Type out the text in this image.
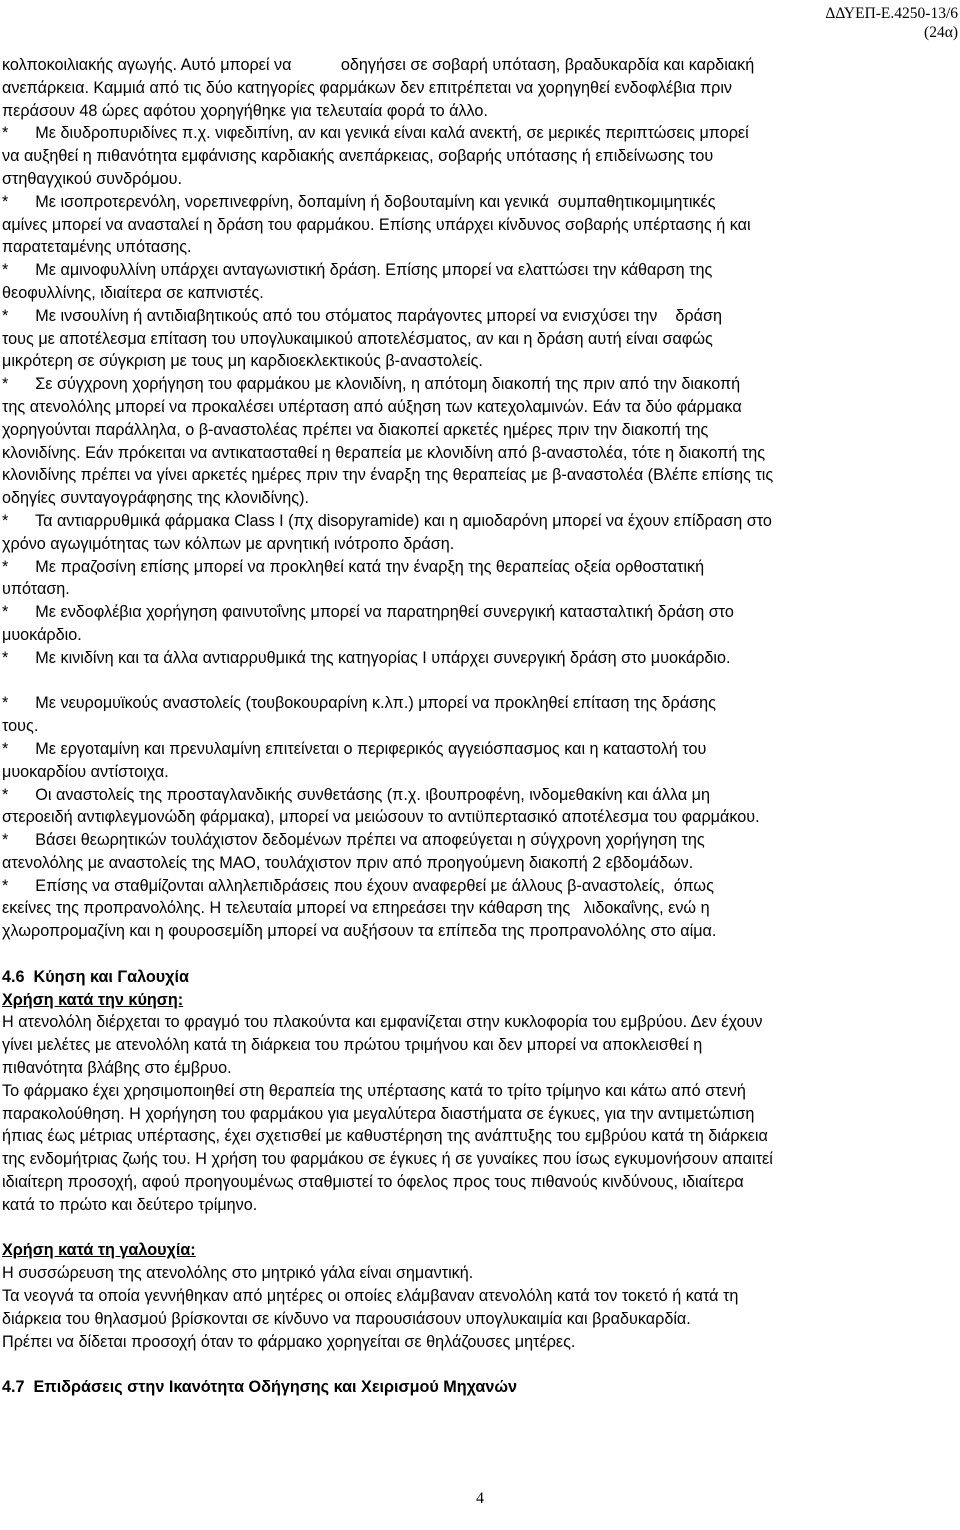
ΔΔΥΕΠ-Ε.4250-13/6
(24α)
κολποκοιλιακής αγωγής. Αυτό μπορεί να           οδηγήσει σε σοβαρή υπόταση, βραδυκαρδία και καρδιακή
ανεπάρκεια. Καμμιά από τις δύο κατηγορίες φαρμάκων δεν επιτρέπεται να χορηγηθεί ενδοφλέβια πριν
περάσουν 48 ώρες αφότου χορηγήθηκε για τελευταία φορά το άλλο.
*      Με διυδροπυριδίνες π.χ. νιφεδιπίνη, αν και γενικά είναι καλά ανεκτή, σε μερικές περιπτώσεις μπορεί
να αυξηθεί η πιθανότητα εμφάνισης καρδιακής ανεπάρκειας, σοβαρής υπότασης ή επιδείνωσης του
στηθαγχικού συνδρόμου.
*      Με ισοπροτερενόλη, νορεπινεφρίνη, δοπαμίνη ή δοβουταμίνη και γενικά  συμπαθητικομιμητικές
αμίνες μπορεί να ανασταλεί η δράση του φαρμάκου. Επίσης υπάρχει κίνδυνος σοβαρής υπέρτασης ή και
παρατεταμένης υπότασης.
*      Με αμινοφυλλίνη υπάρχει ανταγωνιστική δράση. Επίσης μπορεί να ελαττώσει την κάθαρση της
θεοφυλλίνης, ιδιαίτερα σε καπνιστές.
*      Με ινσουλίνη ή αντιδιαβητικούς από του στόματος παράγοντες μπορεί να ενισχύσει την    δράση
τους με αποτέλεσμα επίταση του υπογλυκαιμικού αποτελέσματος, αν και η δράση αυτή είναι σαφώς
μικρότερη σε σύγκριση με τους μη καρδιοεκλεκτικούς β-αναστολείς.
*      Σε σύγχρονη χορήγηση του φαρμάκου με κλονιδίνη, η απότομη διακοπή της πριν από την διακοπή
της ατενολόλης μπορεί να προκαλέσει υπέρταση από αύξηση των κατεχολαμινών. Εάν τα δύο φάρμακα
χορηγούνται παράλληλα, ο β-αναστολέας πρέπει να διακοπεί αρκετές ημέρες πριν την διακοπή της
κλονιδίνης. Εάν πρόκειται να αντικατασταθεί η θεραπεία με κλονιδίνη από β-αναστολέα, τότε η διακοπή της
κλονιδίνης πρέπει να γίνει αρκετές ημέρες πριν την έναρξη της θεραπείας με β-αναστολέα (Βλέπε επίσης τις
οδηγίες συνταγογράφησης της κλονιδίνης).
*      Τα αντιαρρυθμικά φάρμακα Class I (πχ disopyramide) και η αμιοδαρόνη μπορεί να έχουν επίδραση στο
χρόνο αγωγιμότητας των κόλπων με αρνητική ινότροπο δράση.
*      Με πραζοσίνη επίσης μπορεί να προκληθεί κατά την έναρξη της θεραπείας οξεία ορθοστατική
υπόταση.
*      Με ενδοφλέβια χορήγηση φαινυτοΐνης μπορεί να παρατηρηθεί συνεργική κατασταλτική δράση στο
μυοκάρδιο.
*      Με κινιδίνη και τα άλλα αντιαρρυθμικά της κατηγορίας Ι υπάρχει συνεργική δράση στο μυοκάρδιο.
*      Με νευρομυϊκούς αναστολείς (τουβοκουραρίνη κ.λπ.) μπορεί να προκληθεί επίταση της δράσης
τους.
*      Με εργοταμίνη και πρενυλαμίνη επιτείνεται ο περιφερικός αγγειόσπασμος και η καταστολή του
μυοκαρδίου αντίστοιχα.
*      Οι αναστολείς της προσταγλανδικής συνθετάσης (π.χ. ιβουπροφένη, ινδομεθακίνη και άλλα μη
στεροειδή αντιφλεγμονώδη φάρμακα), μπορεί να μειώσουν το αντιϋπερτασικό αποτέλεσμα του φαρμάκου.
*      Βάσει θεωρητικών τουλάχιστον δεδομένων πρέπει να αποφεύγεται η σύγχρονη χορήγηση της
ατενολόλης με αναστολείς της ΜΑΟ, τουλάχιστον πριν από προηγούμενη διακοπή 2 εβδομάδων.
*      Επίσης να σταθμίζονται αλληλεπιδράσεις που έχουν αναφερθεί με άλλους β-αναστολείς,  όπως
εκείνες της προπρανολόλης. Η τελευταία μπορεί να επηρεάσει την κάθαρση της   λιδοκαΐνης, ενώ η
χλωροπρομαζίνη και η φουροσεμίδη μπορεί να αυξήσουν τα επίπεδα της προπρανολόλης στο αίμα.
4.6  Κύηση και Γαλουχία
Χρήση κατά την κύηση:
Η ατενολόλη διέρχεται το φραγμό του πλακούντα και εμφανίζεται στην κυκλοφορία του εμβρύου. Δεν έχουν
γίνει μελέτες με ατενολόλη κατά τη διάρκεια του πρώτου τριμήνου και δεν μπορεί να αποκλεισθεί η
πιθανότητα βλάβης στο έμβρυο.
Το φάρμακο έχει χρησιμοποιηθεί στη θεραπεία της υπέρτασης κατά το τρίτο τρίμηνο και κάτω από στενή
παρακολούθηση. Η χορήγηση του φαρμάκου για μεγαλύτερα διαστήματα σε έγκυες, για την αντιμετώπιση
ήπιας έως μέτριας υπέρτασης, έχει σχετισθεί με καθυστέρηση της ανάπτυξης του εμβρύου κατά τη διάρκεια
της ενδομήτριας ζωής του. Η χρήση του φαρμάκου σε έγκυες ή σε γυναίκες που ίσως εγκυμονήσουν απαιτεί
ιδιαίτερη προσοχή, αφού προηγουμένως σταθμιστεί το όφελος προς τους πιθανούς κινδύνους, ιδιαίτερα
κατά το πρώτο και δεύτερο τρίμηνο.
Χρήση κατά τη γαλουχία:
Η συσσώρευση της ατενολόλης στο μητρικό γάλα είναι σημαντική.
Τα νεογνά τα οποία γεννήθηκαν από μητέρες οι οποίες ελάμβαναν ατενολόλη κατά τον τοκετό ή κατά τη
διάρκεια του θηλασμού βρίσκονται σε κίνδυνο να παρουσιάσουν υπογλυκαιμία και βραδυκαρδία.
Πρέπει να δίδεται προσοχή όταν το φάρμακο χορηγείται σε θηλάζουσες μητέρες.
4.7  Επιδράσεις στην Ικανότητα Οδήγησης και Χειρισμού Μηχανών
4
